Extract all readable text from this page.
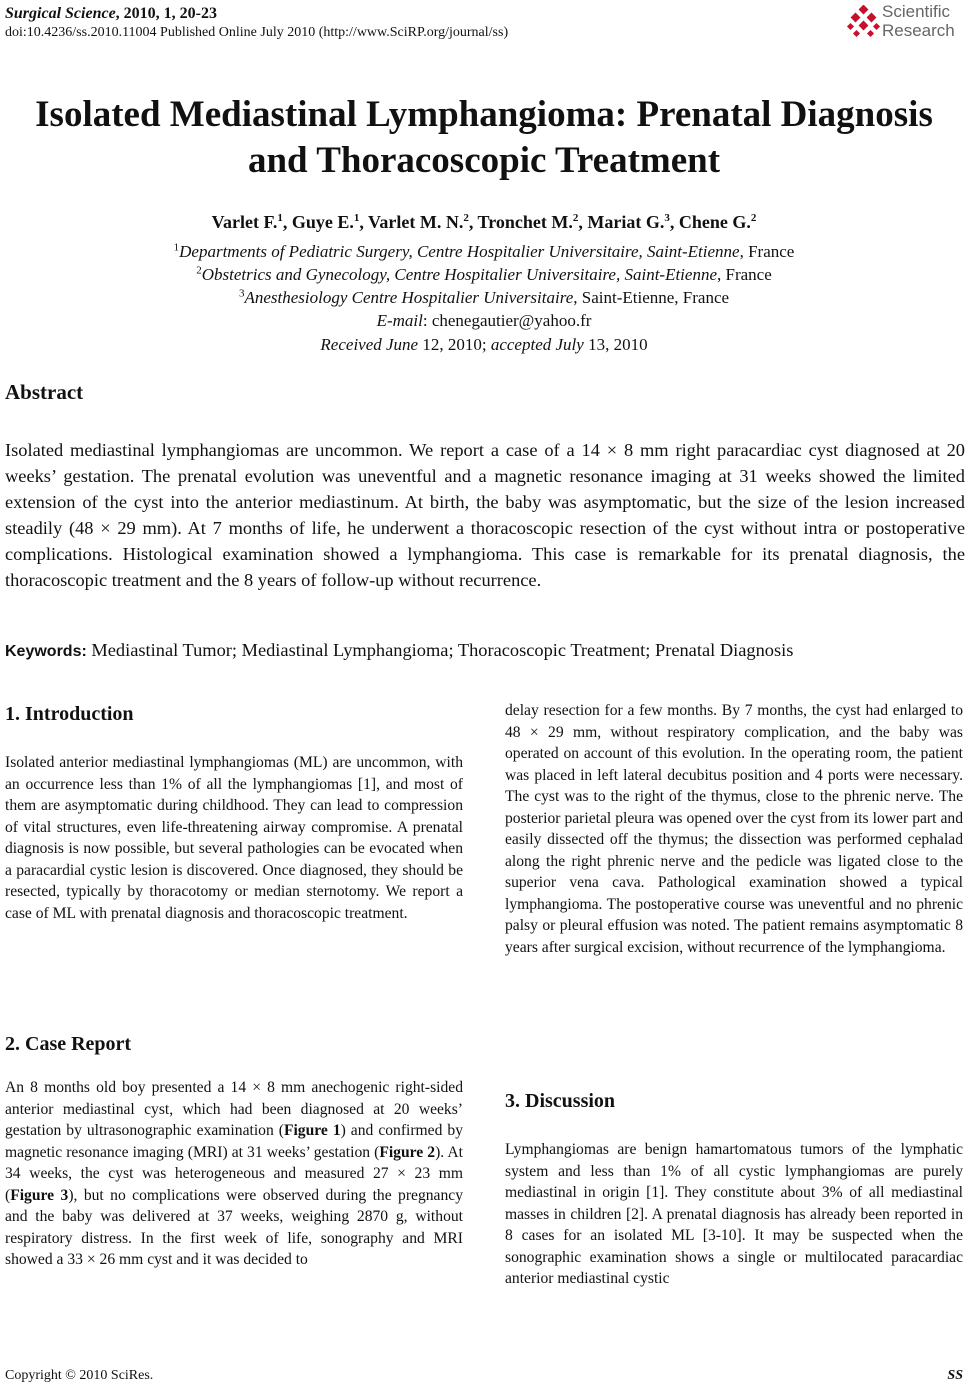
Surgical Science, 2010, 1, 20-23
doi:10.4236/ss.2010.11004 Published Online July 2010 (http://www.SciRP.org/journal/ss)
Scientific
Research
Isolated Mediastinal Lymphangioma: Prenatal Diagnosis
and Thoracoscopic Treatment
Varlet F.$^1$, Guye E.$^1$, Varlet M. N.$^2$, Tronchet M.$^2$, Mariat G.$^3$, Chene G.$^2$
$^1$Departments of Pediatric Surgery, Centre Hospitalier Universitaire, Saint-Etienne, France
$^2$Obstetrics and Gynecology, Centre Hospitalier Universitaire, Saint-Etienne, France
$^3$Anesthesiology Centre Hospitalier Universitaire, Saint-Etienne, France
E-mail: chenegautier@yahoo.fr
Received June 12, 2010; accepted July 13, 2010
Abstract
Isolated mediastinal lymphangiomas are uncommon. We report a case of a 14 × 8 mm right paracardiac cyst diagnosed at 20 weeks’ gestation. The prenatal evolution was uneventful and a magnetic resonance imaging at 31 weeks showed the limited extension of the cyst into the anterior mediastinum. At birth, the baby was asymptomatic, but the size of the lesion increased steadily (48 × 29 mm). At 7 months of life, he underwent a thoracoscopic resection of the cyst without intra or postoperative complications. Histological examination showed a lymphangioma. This case is remarkable for its prenatal diagnosis, the thoracoscopic treatment and the 8 years of follow-up without recurrence.
Keywords: Mediastinal Tumor; Mediastinal Lymphangioma; Thoracoscopic Treatment; Prenatal Diagnosis
1. Introduction
Isolated anterior mediastinal lymphangiomas (ML) are uncommon, with an occurrence less than 1% of all the lymphangiomas [1], and most of them are asymptomatic during childhood. They can lead to compression of vital structures, even life-threatening airway compromise. A prenatal diagnosis is now possible, but several pathologies can be evocated when a paracardial cystic lesion is discovered. Once diagnosed, they should be resected, typically by thoracotomy or median sternotomy. We report a case of ML with prenatal diagnosis and thoracoscopic treatment.
2. Case Report
An 8 months old boy presented a 14 × 8 mm anechogenic right-sided anterior mediastinal cyst, which had been diagnosed at 20 weeks’ gestation by ultrasonographic examination (Figure 1) and confirmed by magnetic resonance imaging (MRI) at 31 weeks’ gestation (Figure 2). At 34 weeks, the cyst was heterogeneous and measured 27 × 23 mm (Figure 3), but no complications were observed during the pregnancy and the baby was delivered at 37 weeks, weighing 2870 g, without respiratory distress. In the first week of life, sonography and MRI showed a 33 × 26 mm cyst and it was decided to
delay resection for a few months. By 7 months, the cyst had enlarged to 48 × 29 mm, without respiratory complication, and the baby was operated on account of this evolution. In the operating room, the patient was placed in left lateral decubitus position and 4 ports were necessary. The cyst was to the right of the thymus, close to the phrenic nerve. The posterior parietal pleura was opened over the cyst from its lower part and easily dissected off the thymus; the dissection was performed cephalad along the right phrenic nerve and the pedicle was ligated close to the superior vena cava. Pathological examination showed a typical lymphangioma. The postoperative course was uneventful and no phrenic palsy or pleural effusion was noted. The patient remains asymptomatic 8 years after surgical excision, without recurrence of the lymphangioma.
3. Discussion
Lymphangiomas are benign hamartomatous tumors of the lymphatic system and less than 1% of all cystic lymphangiomas are purely mediastinal in origin [1]. They constitute about 3% of all mediastinal masses in children [2]. A prenatal diagnosis has already been reported in 8 cases for an isolated ML [3-10]. It may be suspected when the sonographic examination shows a single or multilocated paracardiac anterior mediastinal cystic
Copyright © 2010 SciRes.	SS
